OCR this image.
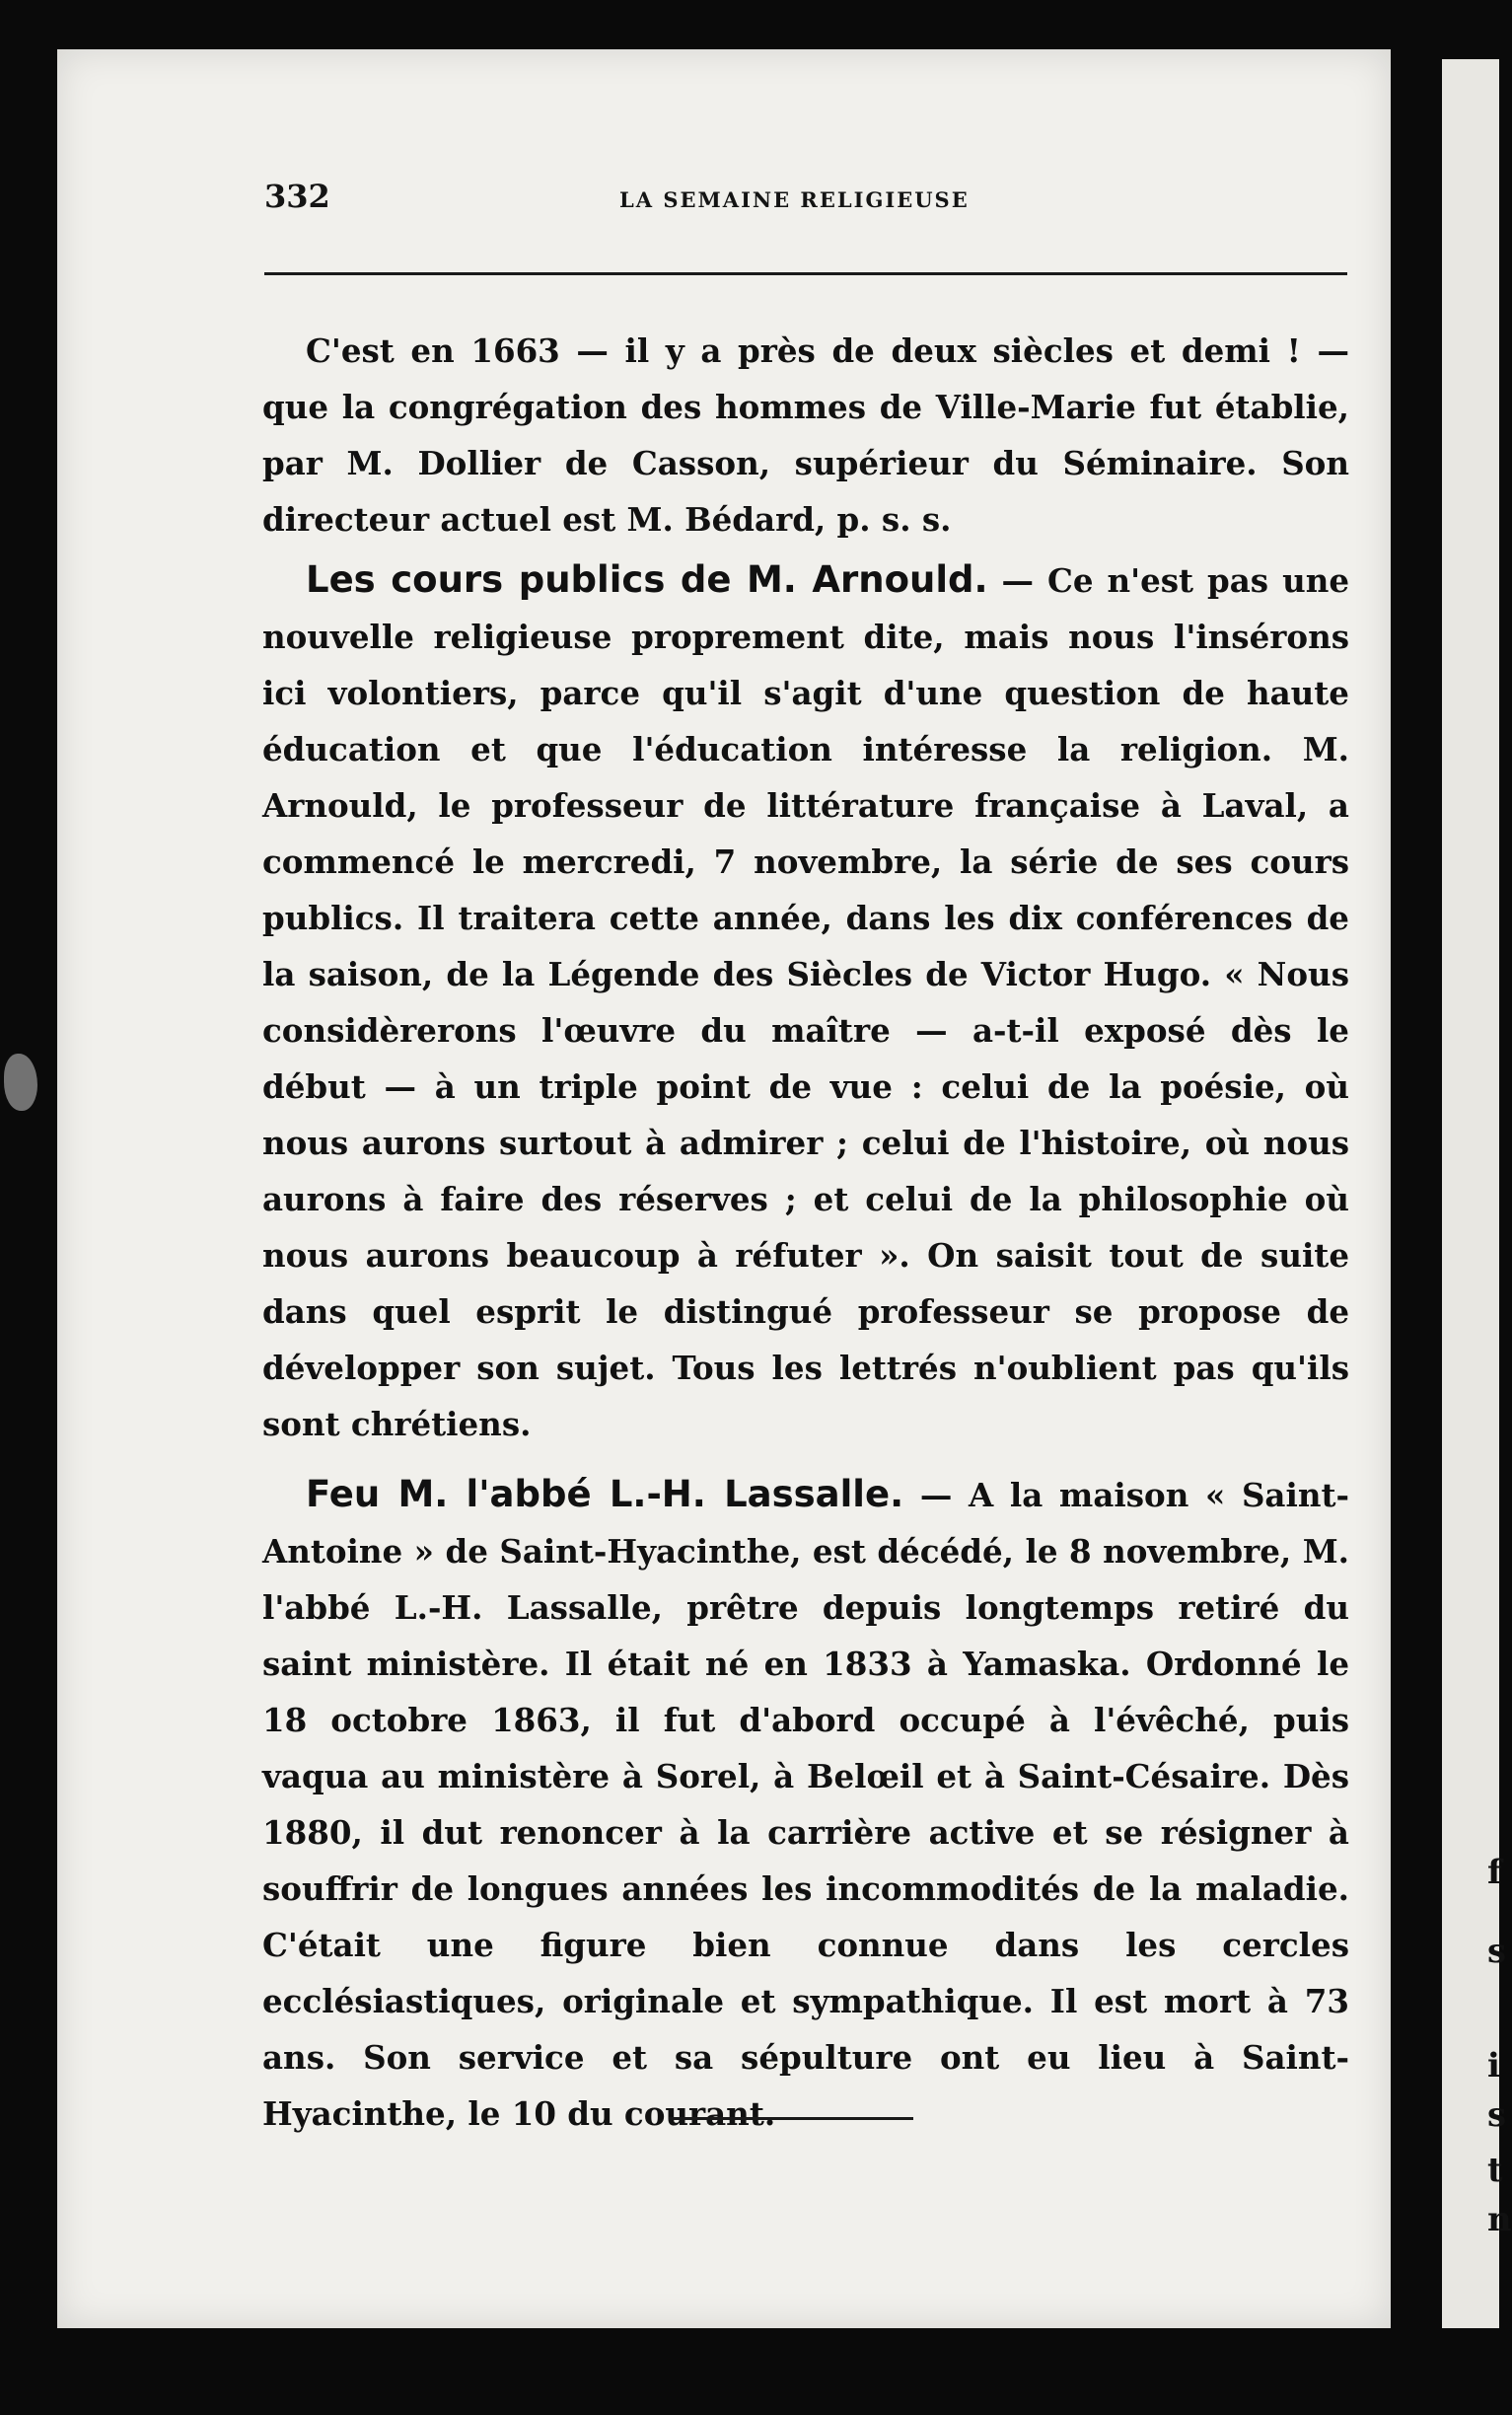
f
s
i
s
t
n
332	LA SEMAINE RELIGIEUSE

C'est en 1663 — il y a près de deux siècles et demi ! — que la congrégation des hommes de Ville-Marie fut établie, par M. Dollier de Casson, supérieur du Séminaire. Son directeur actuel est M. Bédard, p. s. s.

Les cours publics de M. Arnould. — Ce n'est pas une nouvelle religieuse proprement dite, mais nous l'insérons ici volontiers, parce qu'il s'agit d'une question de haute éducation et que l'éducation intéresse la religion. M. Arnould, le professeur de littérature française à Laval, a commencé le mercredi, 7 novembre, la série de ses cours publics. Il traitera cette année, dans les dix conférences de la saison, de la Légende des Siècles de Victor Hugo. « Nous considèrerons l'œuvre du maître — a-t-il exposé dès le début — à un triple point de vue : celui de la poésie, où nous aurons surtout à admirer ; celui de l'histoire, où nous aurons à faire des réserves ; et celui de la philosophie où nous aurons beaucoup à réfuter ». On saisit tout de suite dans quel esprit le distingué professeur se propose de développer son sujet. Tous les lettrés n'oublient pas qu'ils sont chrétiens.

Feu M. l'abbé L.-H. Lassalle. — A la maison « Saint-Antoine » de Saint-Hyacinthe, est décédé, le 8 novembre, M. l'abbé L.-H. Lassalle, prêtre depuis longtemps retiré du saint ministère. Il était né en 1833 à Yamaska. Ordonné le 18 octobre 1863, il fut d'abord occupé à l'évêché, puis vaqua au ministère à Sorel, à Belœil et à Saint-Césaire. Dès 1880, il dut renoncer à la carrière active et se résigner à souffrir de longues années les incommodités de la maladie. C'était une figure bien connue dans les cercles ecclésiastiques, originale et sympathique. Il est mort à 73 ans. Son service et sa sépulture ont eu lieu à Saint-Hyacinthe, le 10 du courant.
